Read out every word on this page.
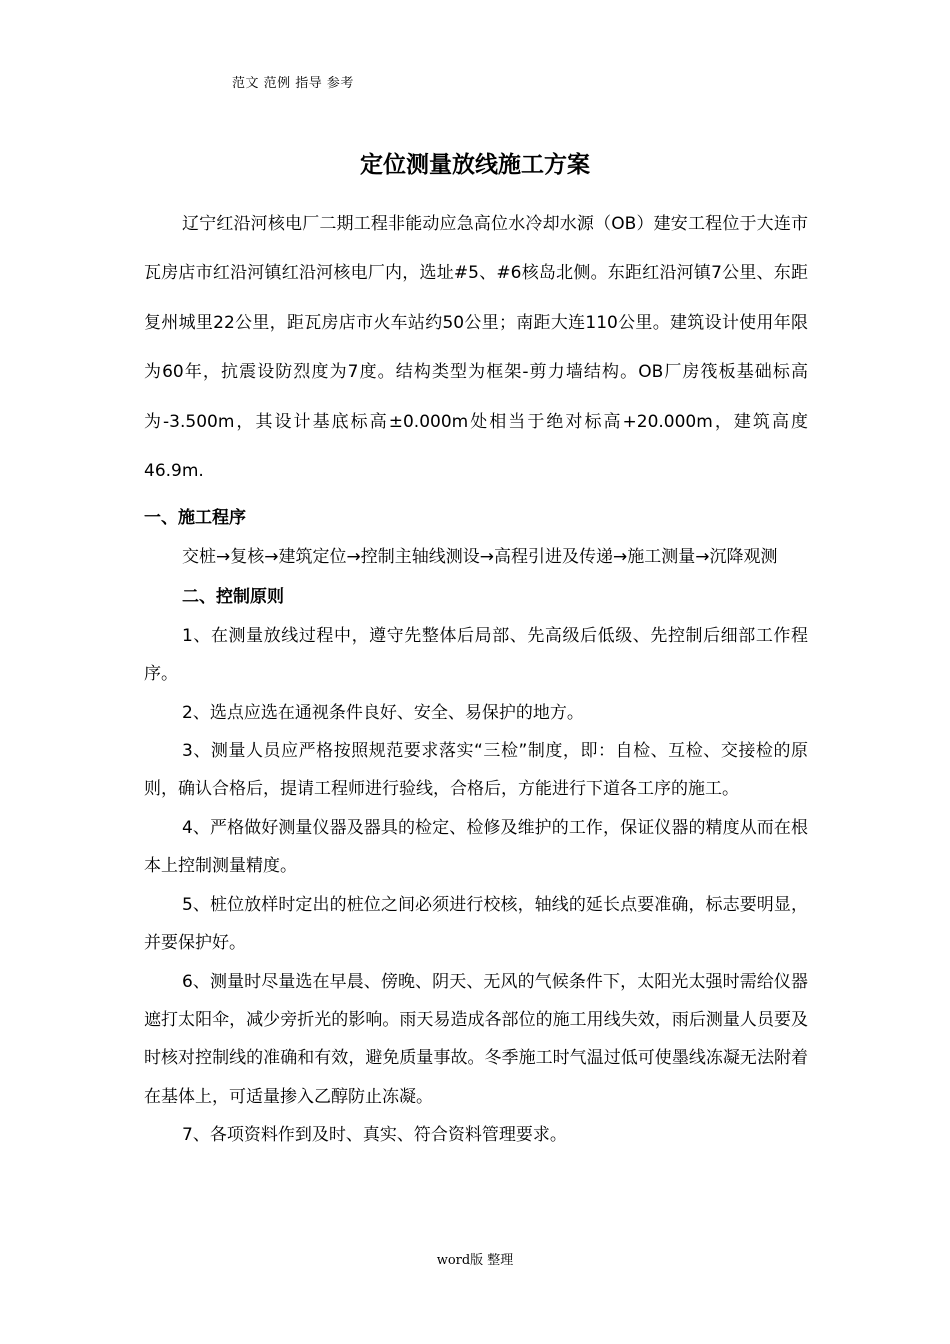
范文 范例 指导 参考
定位测量放线施工方案

辽宁红沿河核电厂二期工程非能动应急高位水冷却水源（OB）建安工程位于大连市瓦房店市红沿河镇红沿河核电厂内，选址#5、#6核岛北侧。东距红沿河镇7公里、东距复州城里22公里，距瓦房店市火车站约50公里；南距大连110公里。建筑设计使用年限为60年，抗震设防烈度为7度。结构类型为框架-剪力墙结构。OB厂房筏板基础标高为-3.500m，其设计基底标高±0.000m处相当于绝对标高+20.000m，建筑高度46.9m.

一、施工程序

交桩→复核→建筑定位→控制主轴线测设→高程引进及传递→施工测量→沉降观测

二、控制原则

1、在测量放线过程中，遵守先整体后局部、先高级后低级、先控制后细部工作程序。

2、选点应选在通视条件良好、安全、易保护的地方。

3、测量人员应严格按照规范要求落实“三检”制度，即：自检、互检、交接检的原则，确认合格后，提请工程师进行验线，合格后，方能进行下道各工序的施工。

4、严格做好测量仪器及器具的检定、检修及维护的工作，保证仪器的精度从而在根本上控制测量精度。

5、桩位放样时定出的桩位之间必须进行校核，轴线的延长点要准确，标志要明显，并要保护好。

6、测量时尽量选在早晨、傍晚、阴天、无风的气候条件下，太阳光太强时需给仪器遮打太阳伞，减少旁折光的影响。雨天易造成各部位的施工用线失效，雨后测量人员要及时核对控制线的准确和有效，避免质量事故。冬季施工时气温过低可使墨线冻凝无法附着在基体上，可适量掺入乙醇防止冻凝。

7、各项资料作到及时、真实、符合资料管理要求。

word版 整理
